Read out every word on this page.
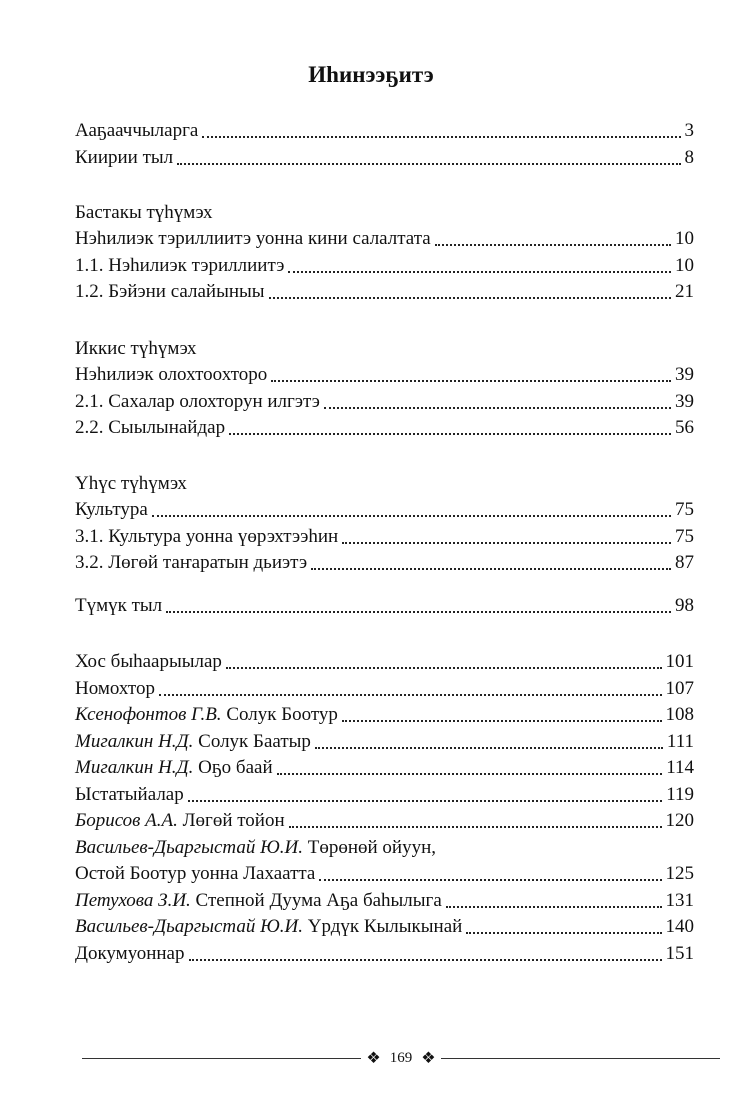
Иhинээҕитэ
Ааҕааччыларга	3
Киирии тыл	8
Бастакы түhүмэх
Нэhилиэк тэриллиитэ уонна кини салалтата	10
1.1. Нэhилиэк тэриллиитэ	10
1.2. Бэйэни салайыныы	21
Иккис түhүмэх
Нэhилиэк олохтоохторо	39
2.1. Сахалар олохторун илгэтэ	39
2.2. Сыылынайдар	56
Үhүс түhүмэх
Культура	75
3.1. Культура уонна үөрэхтээhин	75
3.2. Лөгөй таҥаратын дьиэтэ	87
Түмүк тыл	98
Хос быhаарыылар	101
Номохтор	107
Ксенофонтов Г.В. Солук Боотур	108
Мигалкин Н.Д. Солук Баатыр	111
Мигалкин Н.Д. Оҕо баай	114
Ыстатыйалар	119
Борисов А.А. Лөгөй тойон	120
Васильев-Дьаргыстай Ю.И. Төрөнөй ойуун,
Остой Боотур уонна Лахаатта	125
Петухова З.И. Степной Дуума Аҕа баhылыга	131
Васильев-Дьаргыстай Ю.И. Үрдүк Кылыкынай	140
Докумуоннар	151
❖ 169 ❖
